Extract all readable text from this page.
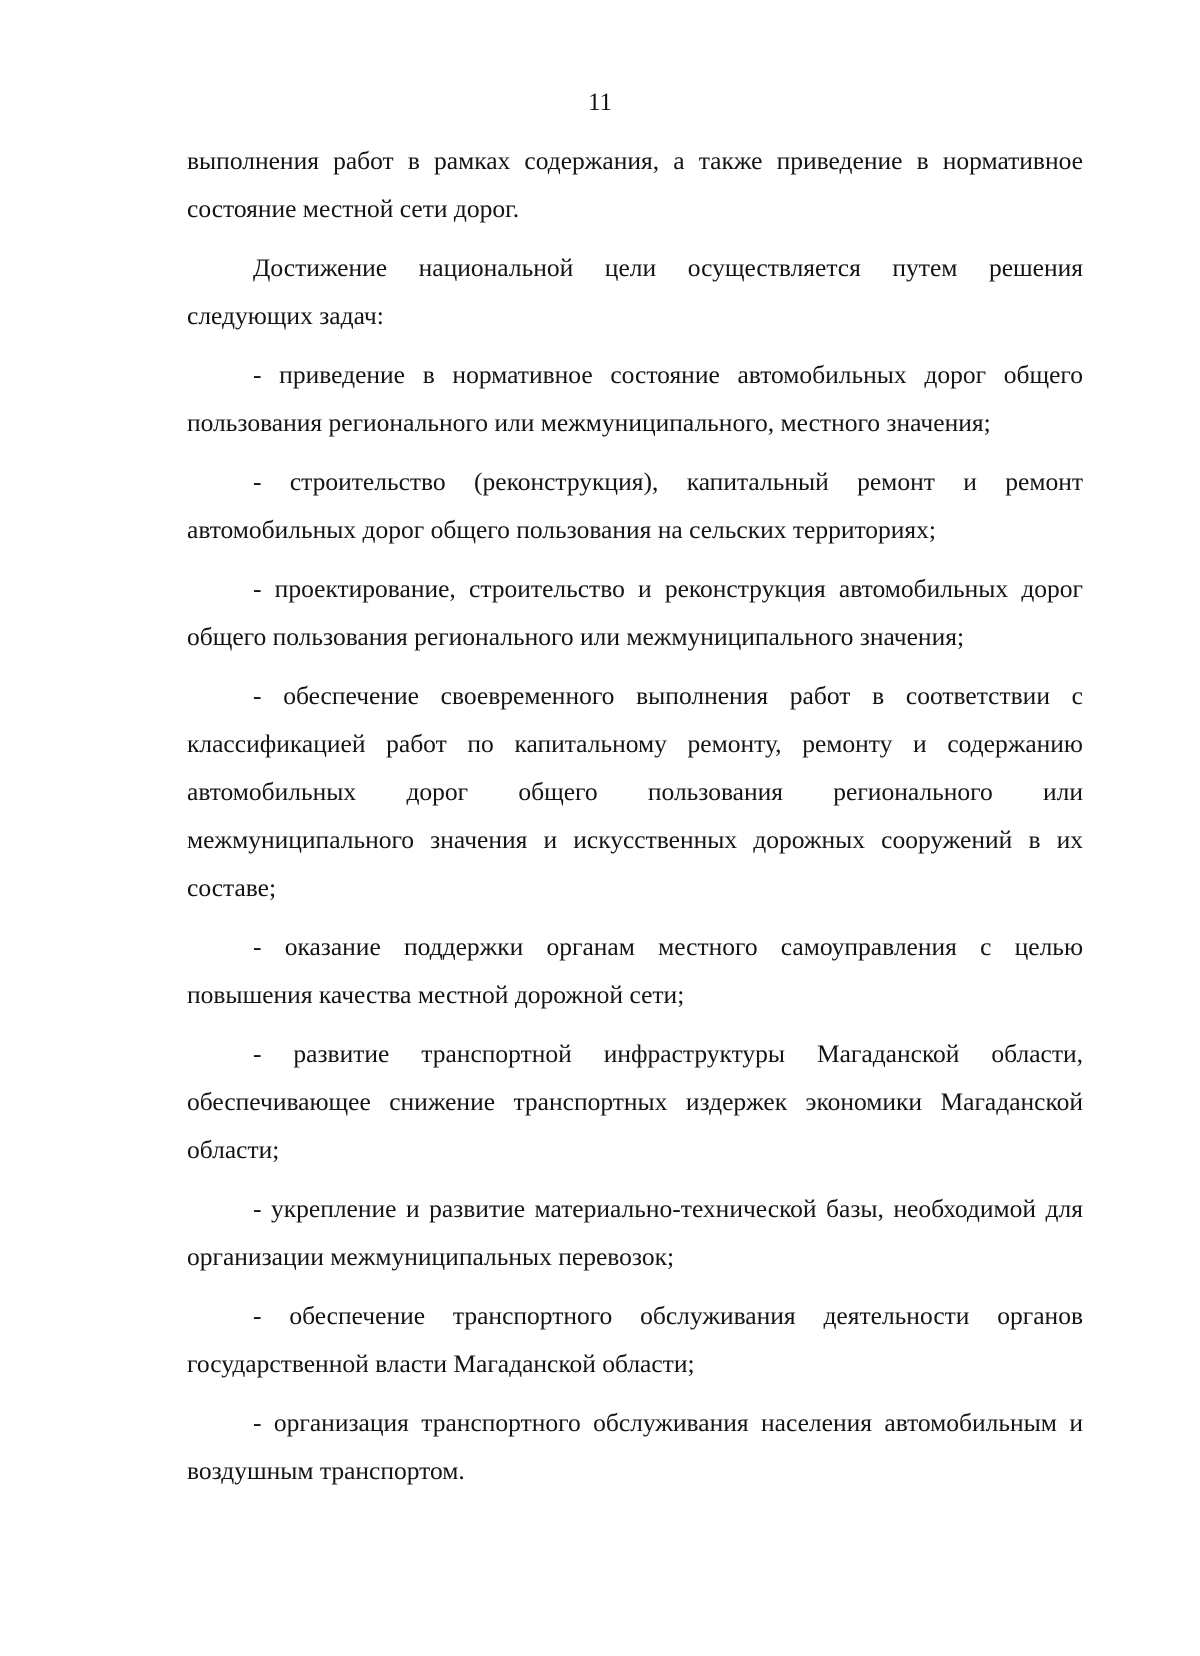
11

выполнения работ в рамках содержания, а также приведение в нормативное состояние местной сети дорог.

Достижение национальной цели осуществляется путем решения следующих задач:

- приведение в нормативное состояние автомобильных дорог общего пользования регионального или межмуниципального, местного значения;

- строительство (реконструкция), капитальный ремонт и ремонт автомобильных дорог общего пользования на сельских территориях;

- проектирование, строительство и реконструкция автомобильных дорог общего пользования регионального или межмуниципального значения;

- обеспечение своевременного выполнения работ в соответствии с классификацией работ по капитальному ремонту, ремонту и содержанию автомобильных дорог общего пользования регионального или межмуниципального значения и искусственных дорожных сооружений в их составе;

- оказание поддержки органам местного самоуправления с целью повышения качества местной дорожной сети;

- развитие транспортной инфраструктуры Магаданской области, обеспечивающее снижение транспортных издержек экономики Магаданской области;

- укрепление и развитие материально-технической базы, необходимой для организации межмуниципальных перевозок;

- обеспечение транспортного обслуживания деятельности органов государственной власти Магаданской области;

- организация транспортного обслуживания населения автомобильным и воздушным транспортом.
